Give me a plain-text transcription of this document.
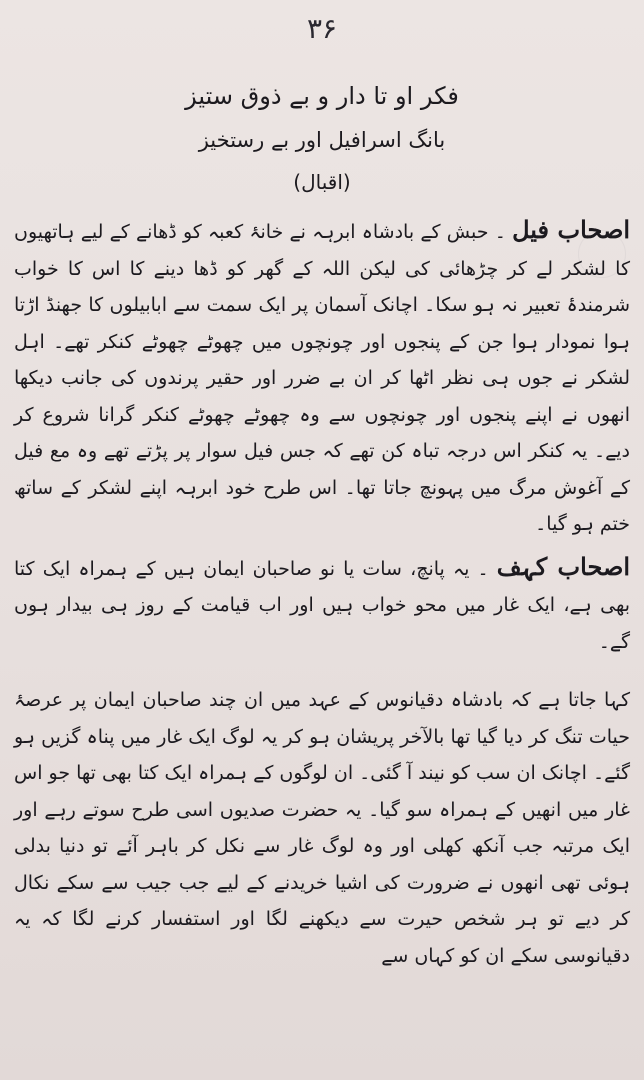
۳۶
فکر او تا دار و بے ذوق ستیز
بانگ اسرافیل اور بے رستخیز
(اقبال)

اصحاب فیل ۔ حبش کے بادشاہ ابرہہ نے خانۂ کعبہ کو ڈھانے کے لیے ہاتھیوں کا لشکر لے کر چڑھائی کی لیکن اللہ کے گھر کو ڈھا دینے کا اس کا خواب شرمندۂ تعبیر نہ ہو سکا۔ اچانک آسمان پر ایک سمت سے ابابیلوں کا جھنڈ اڑتا ہوا نمودار ہوا جن کے پنجوں اور چونچوں میں چھوٹے چھوٹے کنکر تھے۔ اہل لشکر نے جوں ہی نظر اٹھا کر ان بے ضرر اور حقیر پرندوں کی جانب دیکھا انھوں نے اپنے پنجوں اور چونچوں سے وہ چھوٹے چھوٹے کنکر گرانا شروع کر دیے۔ یہ کنکر اس درجہ تباہ کن تھے کہ جس فیل سوار پر پڑتے تھے وہ مع فیل کے آغوش مرگ میں پہونچ جاتا تھا۔ اس طرح خود ابرہہ اپنے لشکر کے ساتھ ختم ہو گیا۔

اصحاب کہف ۔ یہ پانچ، سات یا نو صاحبان ایمان ہیں کے ہمراہ ایک کتا بھی ہے، ایک غار میں محو خواب ہیں اور اب قیامت کے روز ہی بیدار ہوں گے۔

کہا جاتا ہے کہ بادشاہ دقیانوس کے عہد میں ان چند صاحبان ایمان پر عرصۂ حیات تنگ کر دیا گیا تھا بالآخر پریشان ہو کر یہ لوگ ایک غار میں پناہ گزیں ہو گئے۔ اچانک ان سب کو نیند آ گئی۔ ان لوگوں کے ہمراہ ایک کتا بھی تھا جو اس غار میں انھیں کے ہمراہ سو گیا۔ یہ حضرت صدیوں اسی طرح سوتے رہے اور ایک مرتبہ جب آنکھ کھلی اور وہ لوگ غار سے نکل کر باہر آئے تو دنیا بدلی ہوئی تھی انھوں نے ضرورت کی اشیا خریدنے کے لیے جب جیب سے سکے نکال کر دیے تو ہر شخص حیرت سے دیکھنے لگا اور استفسار کرنے لگا کہ یہ دقیانوسی سکے ان کو کہاں سے
